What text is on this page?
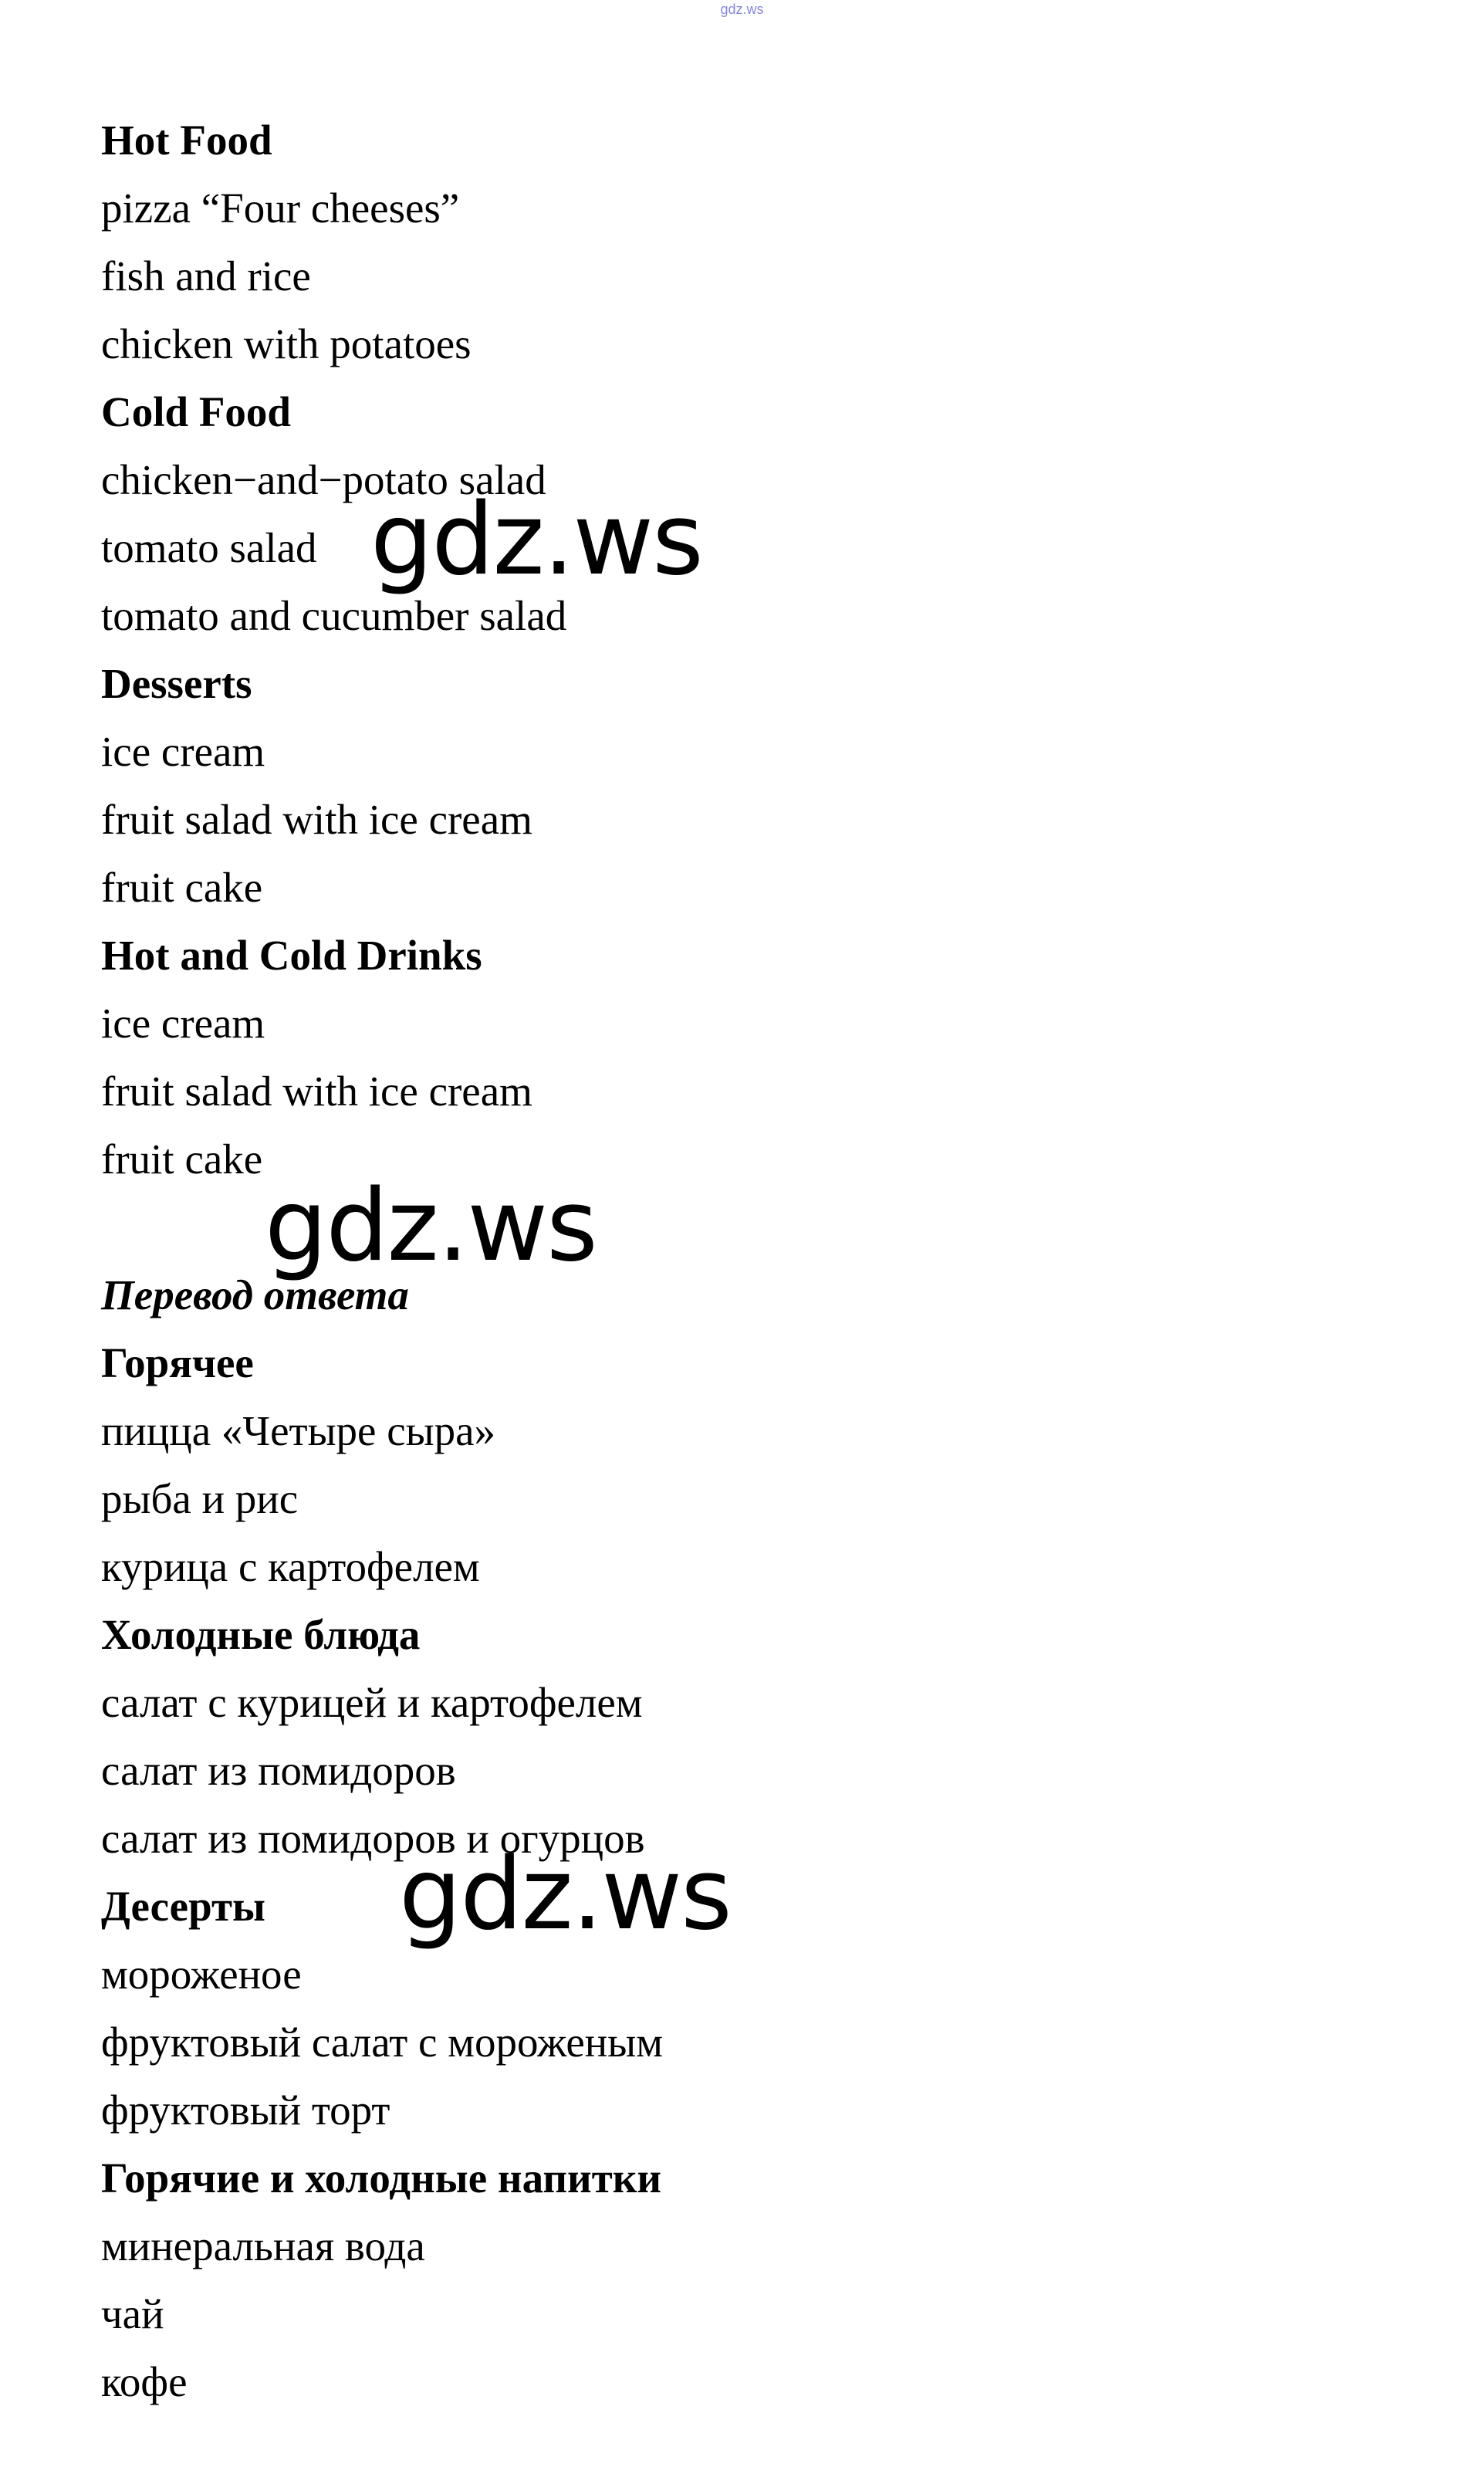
gdz.ws
Hot Food
pizza “Four cheeses”
fish and rice
chicken with potatoes
Cold Food
chicken−and−potato salad
tomato salad
tomato and cucumber salad
Desserts
ice cream
fruit salad with ice cream
fruit cake
Hot and Cold Drinks
ice cream
fruit salad with ice cream
fruit cake
Перевод ответа
Горячее
пицца «Четыре сыра»
рыба и рис
курица с картофелем
Холодные блюда
салат с курицей и картофелем
салат из помидоров
салат из помидоров и огурцов
Десерты
мороженое
фруктовый салат с мороженым
фруктовый торт
Горячие и холодные напитки
минеральная вода
чай
кофе
gdz.ws
gdz.ws
gdz.ws
